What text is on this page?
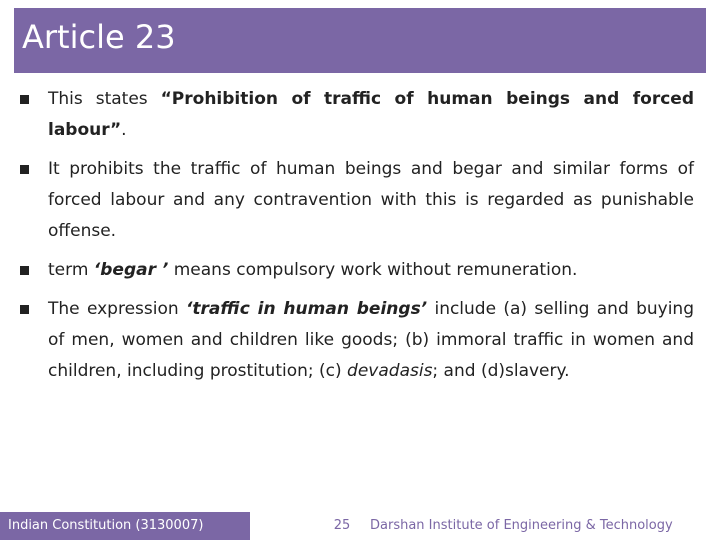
Article 23
This states “Prohibition of traffic of human beings and forced labour”.
It prohibits the traffic of human beings and begar and similar forms of forced labour and any contravention with this is regarded as punishable offense.
term ‘begar ’ means compulsory work without remuneration.
The expression ‘traffic in human beings’ include (a) selling and buying of men, women and children like goods; (b) immoral traffic in women and children, including prostitution; (c) devadasis; and (d)slavery.
Indian Constitution (3130007)	25	Darshan Institute of Engineering & Technology
